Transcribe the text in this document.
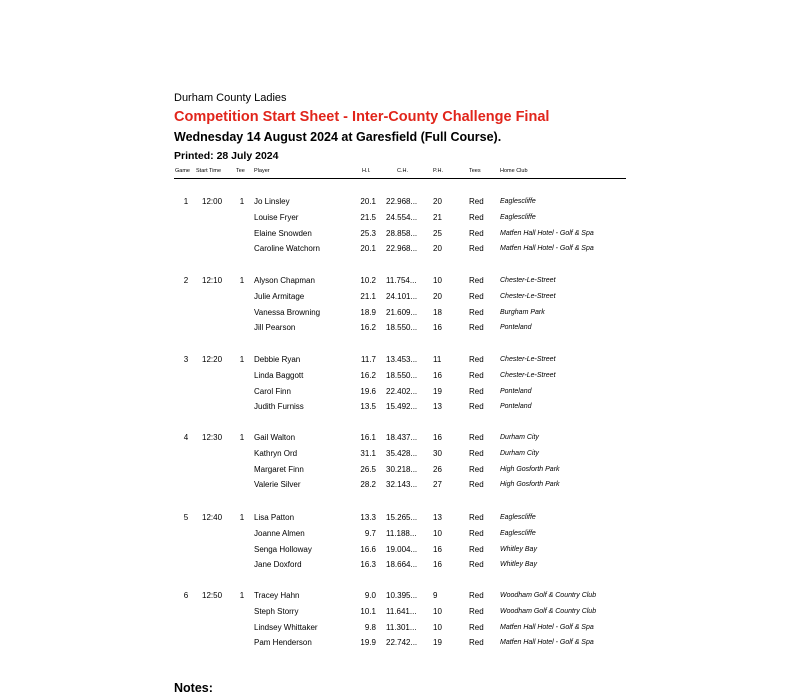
Durham County Ladies
Competition Start Sheet - Inter-County Challenge Final
Wednesday 14 August 2024 at Garesfield (Full Course).
Printed: 28 July 2024
Game Start Time	Tee Player	H.I.	C.H.	P.H.	Tees	Home Club
1	12:00 1 Jo Linsley	20.1 22.968...	20	Red Eaglescliffe
Louise Fryer	21.5 24.554...	21	Red Eaglescliffe
Elaine Snowden	25.3 28.858...	25	Red Matfen Hall Hotel - Golf & Spa
Caroline Watchorn	20.1 22.968...	20	Red Matfen Hall Hotel - Golf & Spa
2	12:10 1 Alyson Chapman	10.2 11.754...	10	Red Chester-Le-Street
Julie Armitage	21.1 24.101...	20	Red Chester-Le-Street
Vanessa Browning	18.9 21.609...	18	Red Burgham Park
Jill Pearson	16.2 18.550...	16	Red Ponteland
3	12:20 1 Debbie Ryan	11.7 13.453...	11	Red Chester-Le-Street
Linda Baggott	16.2 18.550...	16	Red Chester-Le-Street
Carol Finn	19.6 22.402...	19	Red Ponteland
Judith Furniss	13.5 15.492...	13	Red Ponteland
4	12:30 1 Gail Walton	16.1 18.437...	16	Red Durham City
Kathryn Ord	31.1 35.428...	30	Red Durham City
Margaret Finn	26.5 30.218...	26	Red High Gosforth Park
Valerie Silver	28.2 32.143...	27	Red High Gosforth Park
5	12:40 1 Lisa Patton	13.3 15.265...	13	Red Eaglescliffe
Joanne Almen	9.7 11.188...	10	Red Eaglescliffe
Senga Holloway	16.6 19.004...	16	Red Whitley Bay
Jane Doxford	16.3 18.664...	16	Red Whitley Bay
6	12:50 1 Tracey Hahn	9.0 10.395...	9	Red Woodham Golf & Country Club
Steph Storry	10.1 11.641...	10	Red Woodham Golf & Country Club
Lindsey Whittaker	9.8 11.301...	10	Red Matfen Hall Hotel - Golf & Spa
Pam Henderson	19.9 22.742...	19	Red Matfen Hall Hotel - Golf & Spa
Notes:
